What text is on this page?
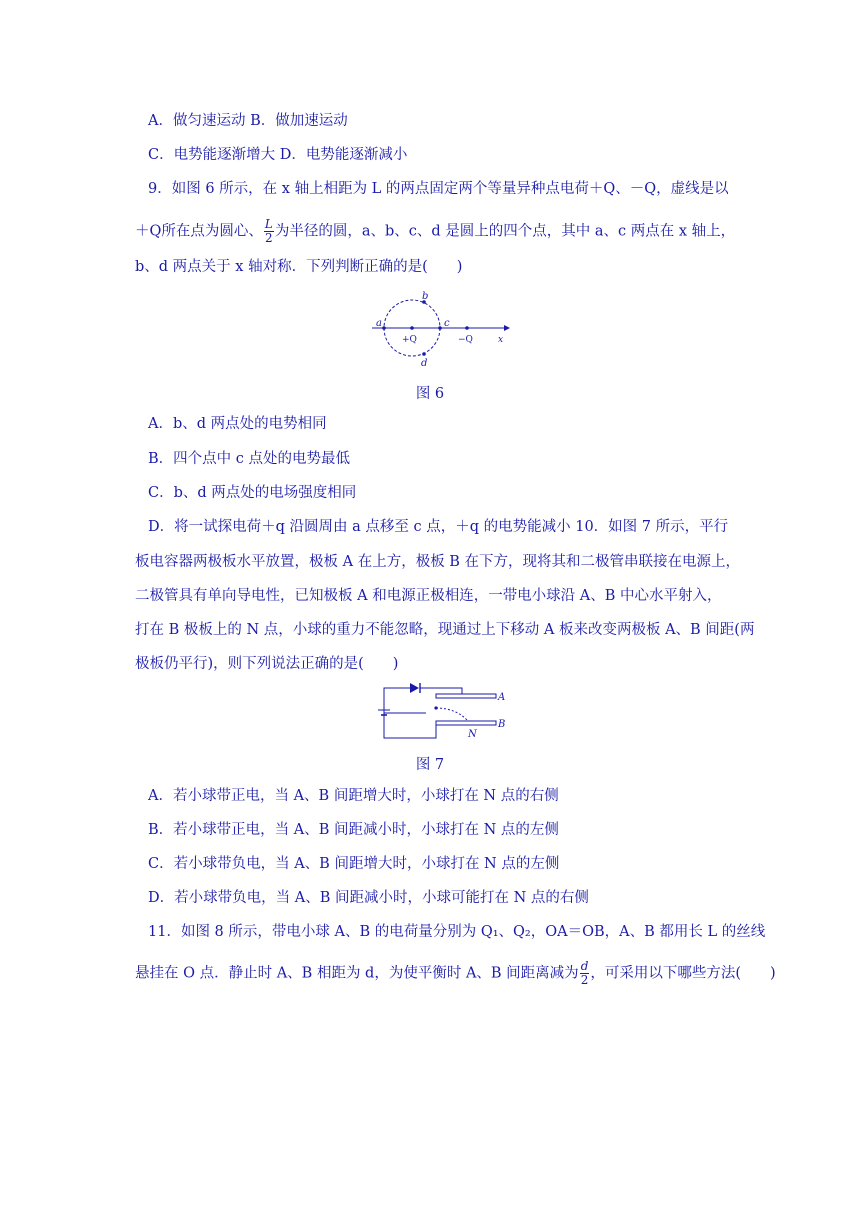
A．做匀速运动 B．做加速运动
C．电势能逐渐增大 D．电势能逐渐减小
9．如图 6 所示，在 x 轴上相距为 L 的两点固定两个等量异种点电荷＋Q、－Q，虚线是以
＋Q所在点为圆心、 $\frac{L}{2}$ 为半径的圆，a、b、c、d 是圆上的四个点，其中 a、c 两点在 x 轴上，
b、d 两点关于 x 轴对称．下列判断正确的是(　　)
a
b
c
d
+Q	−Q	x
图 6
A．b、d 两点处的电势相同
B．四个点中 c 点处的电势最低
C．b、d 两点处的电场强度相同
D．将一试探电荷＋q 沿圆周由 a 点移至 c 点，＋q 的电势能减小 10．如图 7 所示，平行
板电容器两极板水平放置，极板 A 在上方，极板 B 在下方，现将其和二极管串联接在电源上，
二极管具有单向导电性，已知极板 A 和电源正极相连，一带电小球沿 A、B 中心水平射入，
打在 B 极板上的 N 点，小球的重力不能忽略，现通过上下移动 A 板来改变两极板 A、B 间距(两
极板仍平行)，则下列说法正确的是(　　)
A
B
N
图 7
A．若小球带正电，当 A、B 间距增大时，小球打在 N 点的右侧
B．若小球带正电，当 A、B 间距减小时，小球打在 N 点的左侧
C．若小球带负电，当 A、B 间距增大时，小球打在 N 点的左侧
D．若小球带负电，当 A、B 间距减小时，小球可能打在 N 点的右侧
11．如图 8 所示，带电小球 A、B 的电荷量分别为 Q₁、Q₂，OA＝OB，A、B 都用长 L 的丝线
悬挂在 O 点．静止时 A、B 相距为 d，为使平衡时 A、B 间距离减为 $\frac{d}{2}$ ，可采用以下哪些方法(　　)
